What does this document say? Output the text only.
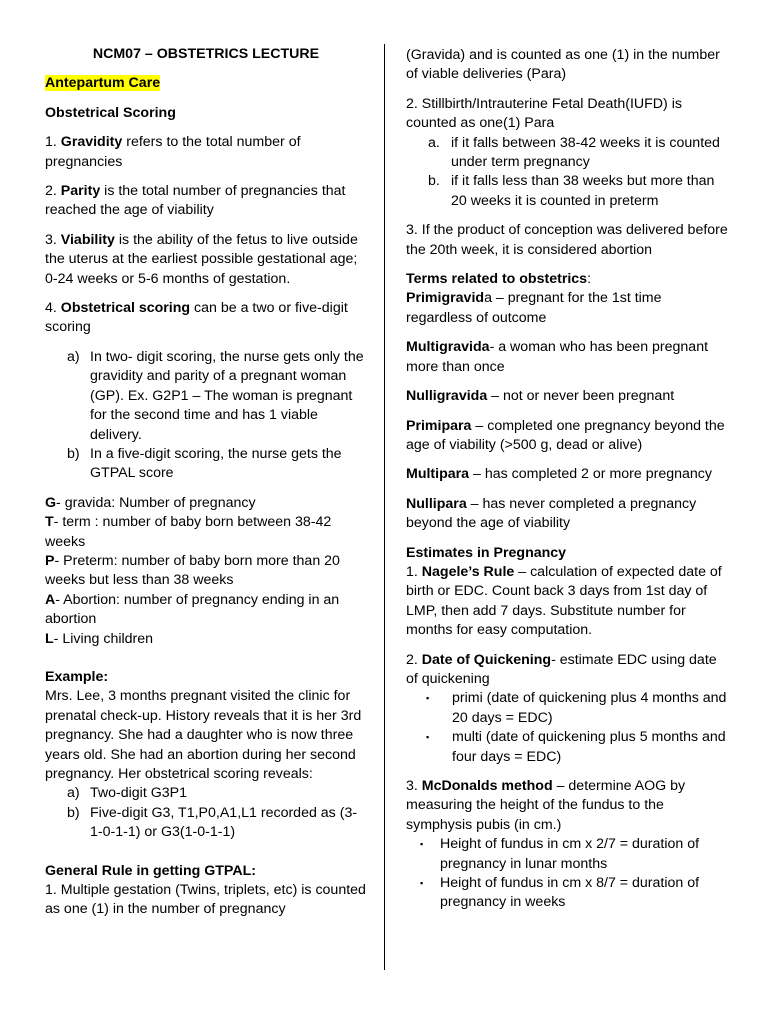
NCM07 – OBSTETRICS LECTURE

Antepartum Care

Obstetrical Scoring

1. Gravidity refers to the total number of pregnancies

2. Parity is the total number of pregnancies that reached the age of viability

3. Viability is the ability of the fetus to live outside the uterus at the earliest possible gestational age; 0-24 weeks or 5-6 months of gestation.

4. Obstetrical scoring can be a two or five-digit scoring

a) In two- digit scoring, the nurse gets only the gravidity and parity of a pregnant woman (GP). Ex. G2P1 – The woman is pregnant for the second time and has 1 viable delivery.
b) In a five-digit scoring, the nurse gets the GTPAL score

G- gravida: Number of pregnancy
T- term : number of baby born between 38-42 weeks
P- Preterm: number of baby born more than 20 weeks but less than 38 weeks
A- Abortion: number of pregnancy ending in an abortion
L- Living children

Example:
Mrs. Lee, 3 months pregnant visited the clinic for prenatal check-up. History reveals that it is her 3rd pregnancy. She had a daughter who is now three years old. She had an abortion during her second pregnancy. Her obstetrical scoring reveals:

a) Two-digit G3P1
b) Five-digit G3, T1,P0,A1,L1 recorded as (3-1-0-1-1) or G3(1-0-1-1)

General Rule in getting GTPAL:
1. Multiple gestation (Twins, triplets, etc) is counted as one (1) in the number of pregnancy

(Gravida) and is counted as one (1) in the number of viable deliveries (Para)

2. Stillbirth/Intrauterine Fetal Death(IUFD) is counted as one(1) Para

a. if it falls between 38-42 weeks it is counted under term pregnancy
b. if it falls less than 38 weeks but more than 20 weeks it is counted in preterm

3. If the product of conception was delivered before the 20th week, it is considered abortion

Terms related to obstetrics:

Primigravida – pregnant for the 1st time regardless of outcome

Multigravida- a woman who has been pregnant more than once

Nulligravida – not or never been pregnant

Primipara – completed one pregnancy beyond the age of viability (>500 g, dead or alive)

Multipara – has completed 2 or more pregnancy

Nullipara – has never completed a pregnancy beyond the age of viability

Estimates in Pregnancy

1. Nagele’s Rule – calculation of expected date of birth or EDC. Count back 3 days from 1st day of LMP, then add 7 days. Substitute number for months for easy computation.

2. Date of Quickening- estimate EDC using date of quickening

▪ primi (date of quickening plus 4 months and 20 days = EDC)
▪ multi (date of quickening plus 5 months and four days = EDC)

3. McDonalds method – determine AOG by measuring the height of the fundus to the symphysis pubis (in cm.)

▪ Height of fundus in cm x 2/7 = duration of pregnancy in lunar months
▪ Height of fundus in cm x 8/7 = duration of pregnancy in weeks
